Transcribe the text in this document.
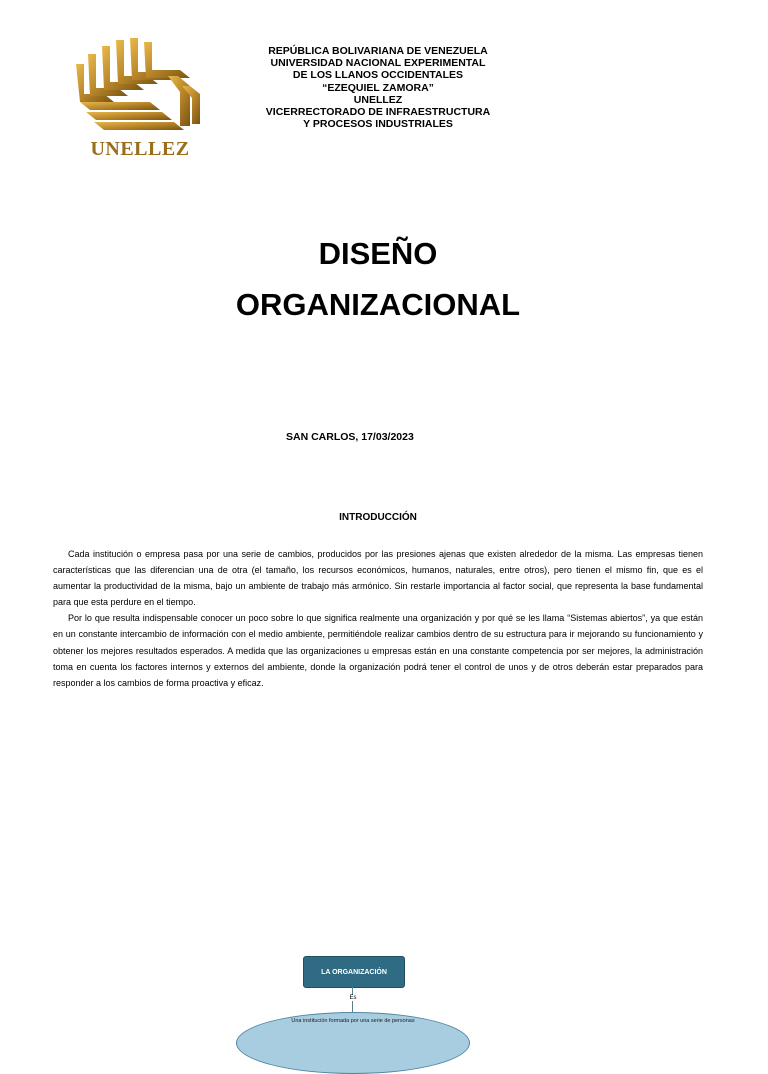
UNELLEZ
REPÚBLICA BOLIVARIANA DE VENEZUELA
UNIVERSIDAD NACIONAL EXPERIMENTAL
DE LOS LLANOS OCCIDENTALES
“EZEQUIEL ZAMORA”
UNELLEZ
VICERRECTORADO DE INFRAESTRUCTURA
Y PROCESOS INDUSTRIALES
DISEÑO
ORGANIZACIONAL
SAN CARLOS, 17/03/2023
INTRODUCCIÓN

Cada institución o empresa pasa por una serie de cambios, producidos por las presiones ajenas que existen alrededor de la misma. Las empresas tienen características que las diferencian una de otra (el tamaño, los recursos económicos, humanos, naturales, entre otros), pero tienen el mismo fin, que es el aumentar la productividad de la misma, bajo un ambiente de trabajo más armónico. Sin restarle importancia al factor social, que representa la base fundamental para que esta perdure en el tiempo.

Por lo que resulta indispensable conocer un poco sobre lo que significa realmente una organización y por qué se les llama “Sistemas abiertos”, ya que están en un constante intercambio de información con el medio ambiente, permitiéndole realizar cambios dentro de su estructura para ir mejorando su funcionamiento y obtener los mejores resultados esperados. A medida que las organizaciones u empresas están en una constante competencia por ser mejores, la administración toma en cuenta los factores internos y externos del ambiente, donde la organización podrá tener el control de unos y de otros deberán estar preparados para responder a los cambios de forma proactiva y eficaz.

LA ORGANIZACIÓN
Es
Una institución formada por una serie de personas
